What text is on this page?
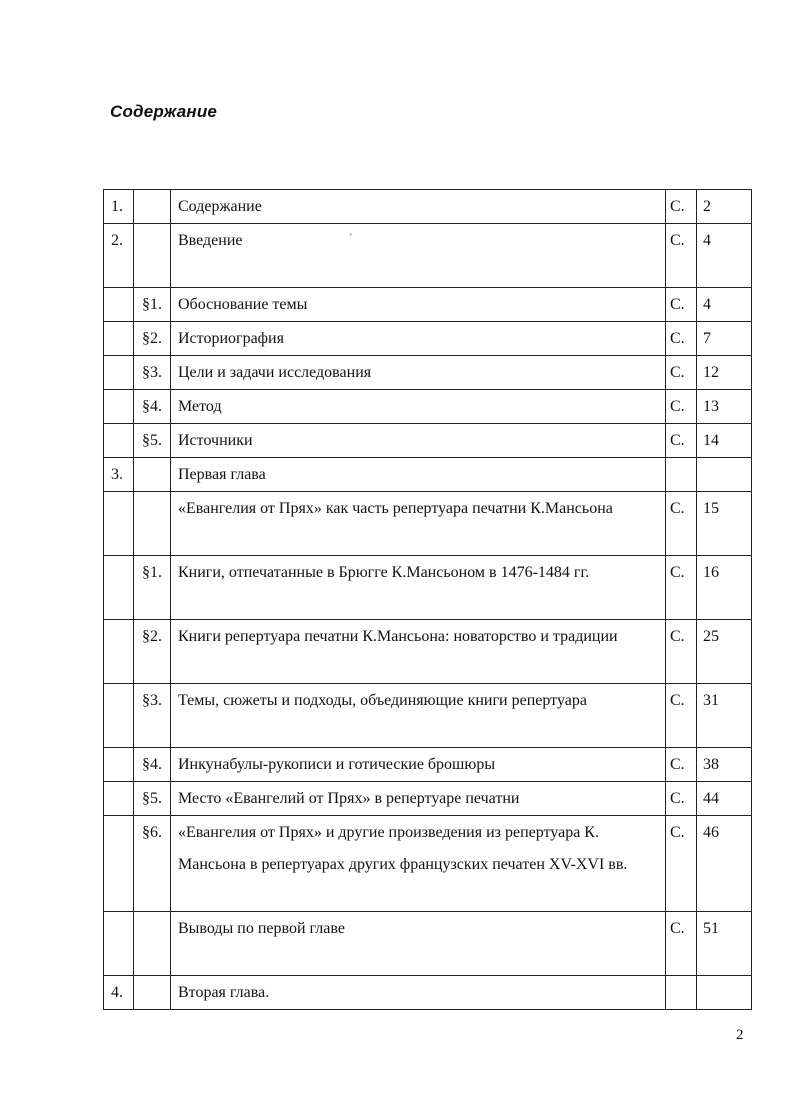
Содержание
′
1.		Содержание	С.	2
2.		Введение	С.	4
	§1.	Обоснование темы	С.	4
	§2.	Историография	С.	7
	§3.	Цели и задачи исследования	С.	12
	§4.	Метод	С.	13
	§5.	Источники	С.	14
3.		Первая глава		
		«Евангелия от Прях» как часть репертуара печатни К.Мансьона	С.	15
	§1.	Книги, отпечатанные в Брюгге К.Мансьоном в 1476-1484 гг.	С.	16
	§2.	Книги репертуара печатни К.Мансьона: новаторство и традиции	С.	25
	§3.	Темы, сюжеты и подходы, объединяющие книги репертуара	С.	31
	§4.	Инкунабулы-рукописи и готические брошюры	С.	38
	§5.	Место «Евангелий от Прях» в репертуаре печатни	С.	44
	§6.	«Евангелия от Прях» и другие произведения из репертуара К. Мансьона в репертуарах других французских печатен XV-XVI вв.	С.	46
		Выводы по первой главе	С.	51
4.		Вторая глава.		
2
